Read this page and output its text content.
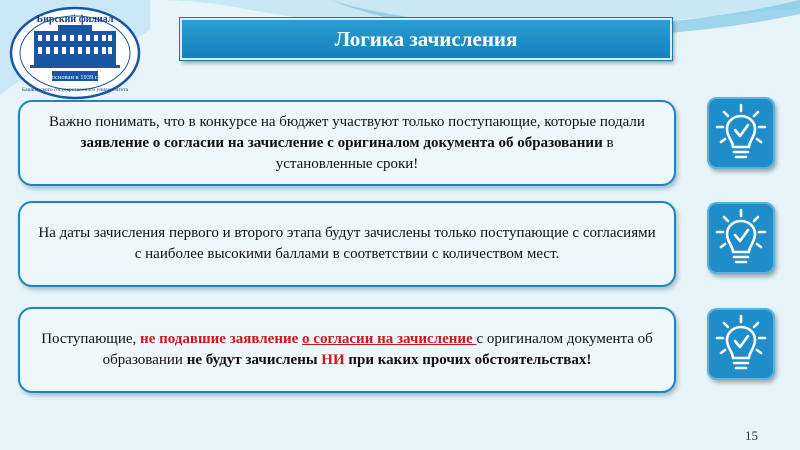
Бирский филиал
основан в 1939 г.
Башкирского государственного университета
Логика зачисления

Важно понимать, что в конкурсе на бюджет участвуют только поступающие, которые подали заявление о согласии на зачисление с оригиналом документа об образовании в установленные сроки!

На даты зачисления первого и второго этапа будут зачислены только поступающие с согласиями с наиболее высокими баллами в соответствии с количеством мест.

Поступающие, не подавшие заявление о согласии на зачисление с оригиналом документа об образовании не будут зачислены НИ при каких прочих обстоятельствах!

15
